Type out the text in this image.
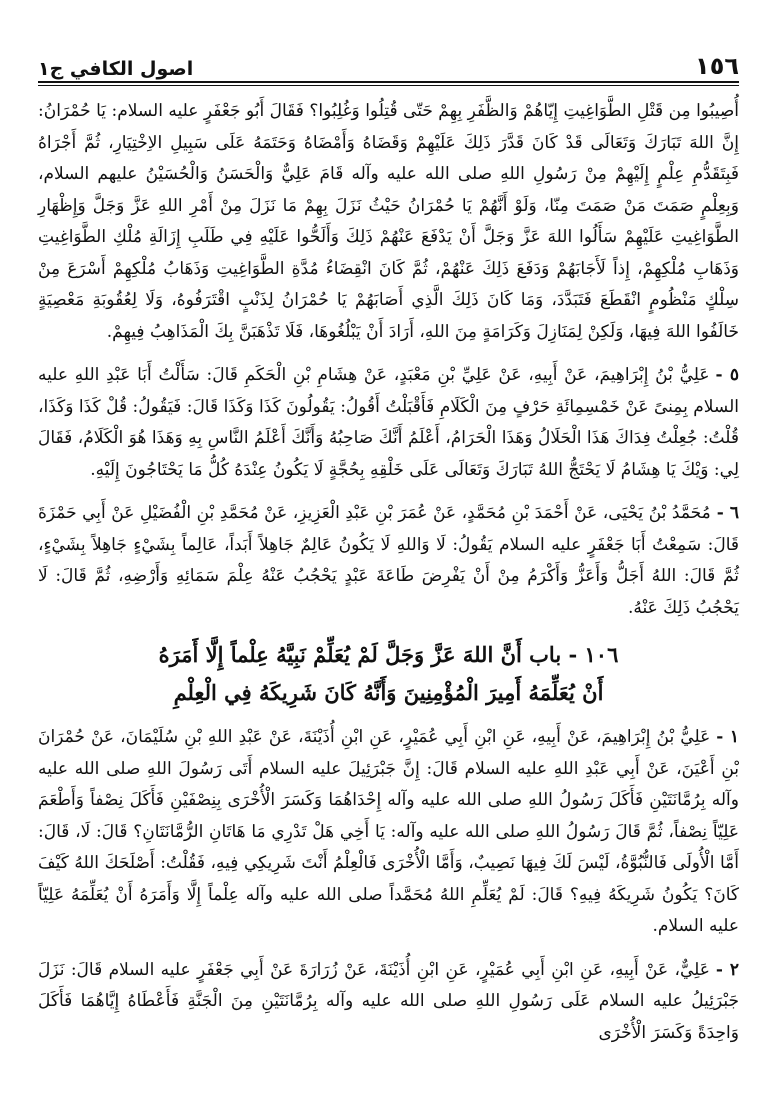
١٥٦
اصول الكافي ج١

أُصِيبُوا مِن قَتْلِ الطَّوَاغِيتِ إِيّاهُمْ وَالظَّفَرِ بِهِمْ حَتّى قُتِلُوا وَغُلِبُوا؟ فَقَالَ أَبُو جَعْفَرٍ عليه السلام: يَا حُمْرَانُ: إِنَّ اللهَ تَبَارَكَ وَتَعَالَى قَدْ كَانَ قَدَّرَ ذَلِكَ عَلَيْهِمْ وَقَضَاهُ وَأَمْضَاهُ وَحَتَمَهُ عَلَى سَبِيلِ الاِخْتِيَارِ، ثُمَّ أَجْرَاهُ فَبِتَقَدُّمِ عِلْمٍ إِلَيْهِمْ مِنْ رَسُولِ اللهِ صلى الله عليه وآله قَامَ عَلِيٌّ وَالْحَسَنُ وَالْحُسَيْنُ عليهم السلام، وَبِعِلْمٍ صَمَتَ مَنْ صَمَتَ مِنّا، وَلَوْ أَنَّهُمْ يَا حُمْرَانُ حَيْثُ نَزَلَ بِهِمْ مَا نَزَلَ مِنْ أَمْرِ اللهِ عَزَّ وَجَلَّ وَإِظْهَارِ الطَّوَاغِيتِ عَلَيْهِمْ سَأَلُوا اللهَ عَزَّ وَجَلَّ أَنْ يَدْفَعَ عَنْهُمْ ذَلِكَ وَأَلَحُّوا عَلَيْهِ فِي طَلَبِ إِزَالَةِ مُلْكِ الطَّوَاغِيتِ وَذَهَابِ مُلْكِهِمْ، إِذاً لَأَجَابَهُمْ وَدَفَعَ ذَلِكَ عَنْهُمْ، ثُمَّ كَانَ انْقِضَاءُ مُدَّةِ الطَّوَاغِيتِ وَذَهَابُ مُلْكِهِمْ أَسْرَعَ مِنْ سِلْكٍ مَنْظُومٍ انْقَطَعَ فَتَبَدَّدَ، وَمَا كَانَ ذَلِكَ الَّذِي أَصَابَهُمْ يَا حُمْرَانُ لِذَنْبٍ اقْتَرَفُوهُ، وَلَا لِعُقُوبَةِ مَعْصِيَةٍ خَالَفُوا اللهَ فِيهَا، وَلَكِنْ لِمَنَازِلَ وَكَرَامَةٍ مِنَ اللهِ، أَرَادَ أَنْ يَبْلُغُوهَا، فَلَا تَذْهَبَنَّ بِكَ الْمَذَاهِبُ فِيهِمْ.

٥ -عَلِيُّ بْنُ إِبْرَاهِيمَ، عَنْ أَبِيهِ، عَنْ عَلِيِّ بْنِ مَعْبَدٍ، عَنْ هِشَامِ بْنِ الْحَكَمِ قَالَ: سَأَلْتُ أَبَا عَبْدِ اللهِ عليه السلام بِمِنىً عَنْ خَمْسِمِائَةِ حَرْفٍ مِنَ الْكَلَامِ فَأَقْبَلْتُ أَقُولُ: يَقُولُونَ كَذَا وَكَذَا قَالَ: فَيَقُولُ: قُلْ كَذَا وَكَذَا، قُلْتُ: جُعِلْتُ فِدَاكَ هَذَا الْحَلَالُ وَهَذَا الْحَرَامُ، أَعْلَمُ أَنَّكَ صَاحِبُهُ وَأَنَّكَ أَعْلَمُ النَّاسِ بِهِ وَهَذَا هُوَ الْكَلَامُ، فَقَالَ لِي: وَيْكَ يَا هِشَامُ لَا يَحْتَجُّ اللهُ تَبَارَكَ وَتَعَالَى عَلَى خَلْقِهِ بِحُجَّةٍ لَا يَكُونُ عِنْدَهُ كُلُّ مَا يَحْتَاجُونَ إِلَيْهِ.

٦ -مُحَمَّدُ بْنُ يَحْيَى، عَنْ أَحْمَدَ بْنِ مُحَمَّدٍ، عَنْ عُمَرَ بْنِ عَبْدِ الْعَزِيزِ، عَنْ مُحَمَّدِ بْنِ الْفُضَيْلِ عَنْ أَبِي حَمْزَةَ قَالَ: سَمِعْتُ أَبَا جَعْفَرٍ عليه السلام يَقُولُ: لَا وَاللهِ لَا يَكُونُ عَالِمٌ جَاهِلاً أَبَداً، عَالِماً بِشَيْءٍ جَاهِلاً بِشَيْءٍ، ثُمَّ قَالَ: اللهُ أَجَلُّ وَأَعَزُّ وَأَكْرَمُ مِنْ أَنْ يَفْرِضَ طَاعَةَ عَبْدٍ يَحْجُبُ عَنْهُ عِلْمَ سَمَائِهِ وَأَرْضِهِ، ثُمَّ قَالَ: لَا يَحْجُبُ ذَلِكَ عَنْهُ.

١٠٦ - باب أَنَّ اللهَ عَزَّ وَجَلَّ لَمْ يُعَلِّمْ نَبِيَّهُ عِلْماً إِلَّا أَمَرَهُ
أَنْ يُعَلِّمَهُ أَمِيرَ الْمُؤْمِنِينَ وَأَنَّهُ كَانَ شَرِيكَهُ فِي الْعِلْمِ

١ -عَلِيُّ بْنُ إِبْرَاهِيمَ، عَنْ أَبِيهِ، عَنِ ابْنِ أَبِي عُمَيْرٍ، عَنِ ابْنِ أُذَيْنَةَ، عَنْ عَبْدِ اللهِ بْنِ سُلَيْمَانَ، عَنْ حُمْرَانَ بْنِ أَعْيَنَ، عَنْ أَبِي عَبْدِ اللهِ عليه السلام قَالَ: إِنَّ جَبْرَئِيلَ عليه السلام أَتَى رَسُولَ اللهِ صلى الله عليه وآله بِرُمَّانَتَيْنِ فَأَكَلَ رَسُولُ اللهِ صلى الله عليه وآله إِحْدَاهُمَا وَكَسَرَ الْأُخْرَى بِنِصْفَيْنِ فَأَكَلَ نِصْفاً وَأَطْعَمَ عَلِيّاً نِصْفاً، ثُمَّ قَالَ رَسُولُ اللهِ صلى الله عليه وآله: يَا أَخِي هَلْ تَدْرِي مَا هَاتَانِ الرُّمَّانَتَانِ؟ قَالَ: لَا، قَالَ: أَمَّا الْأُولَى فَالنُّبُوَّةُ، لَيْسَ لَكَ فِيهَا نَصِيبٌ، وَأَمَّا الْأُخْرَى فَالْعِلْمُ أَنْتَ شَرِيكِي فِيهِ، فَقُلْتُ: أَصْلَحَكَ اللهُ كَيْفَ كَانَ؟ يَكُونُ شَرِيكَهُ فِيهِ؟ قَالَ: لَمْ يُعَلِّمِ اللهُ مُحَمَّداً صلى الله عليه وآله عِلْماً إِلَّا وَأَمَرَهُ أَنْ يُعَلِّمَهُ عَلِيّاً عليه السلام.

٢ -عَلِيٌّ، عَنْ أَبِيهِ، عَنِ ابْنِ أَبِي عُمَيْرٍ، عَنِ ابْنِ أُذَيْنَةَ، عَنْ زُرَارَةَ عَنْ أَبِي جَعْفَرٍ عليه السلام قَالَ: نَزَلَ جَبْرَئِيلُ عليه السلام عَلَى رَسُولِ اللهِ صلى الله عليه وآله بِرُمَّانَتَيْنِ مِنَ الْجَنَّةِ فَأَعْطَاهُ إِيَّاهُمَا فَأَكَلَ وَاحِدَةً وَكَسَرَ الْأُخْرَى
